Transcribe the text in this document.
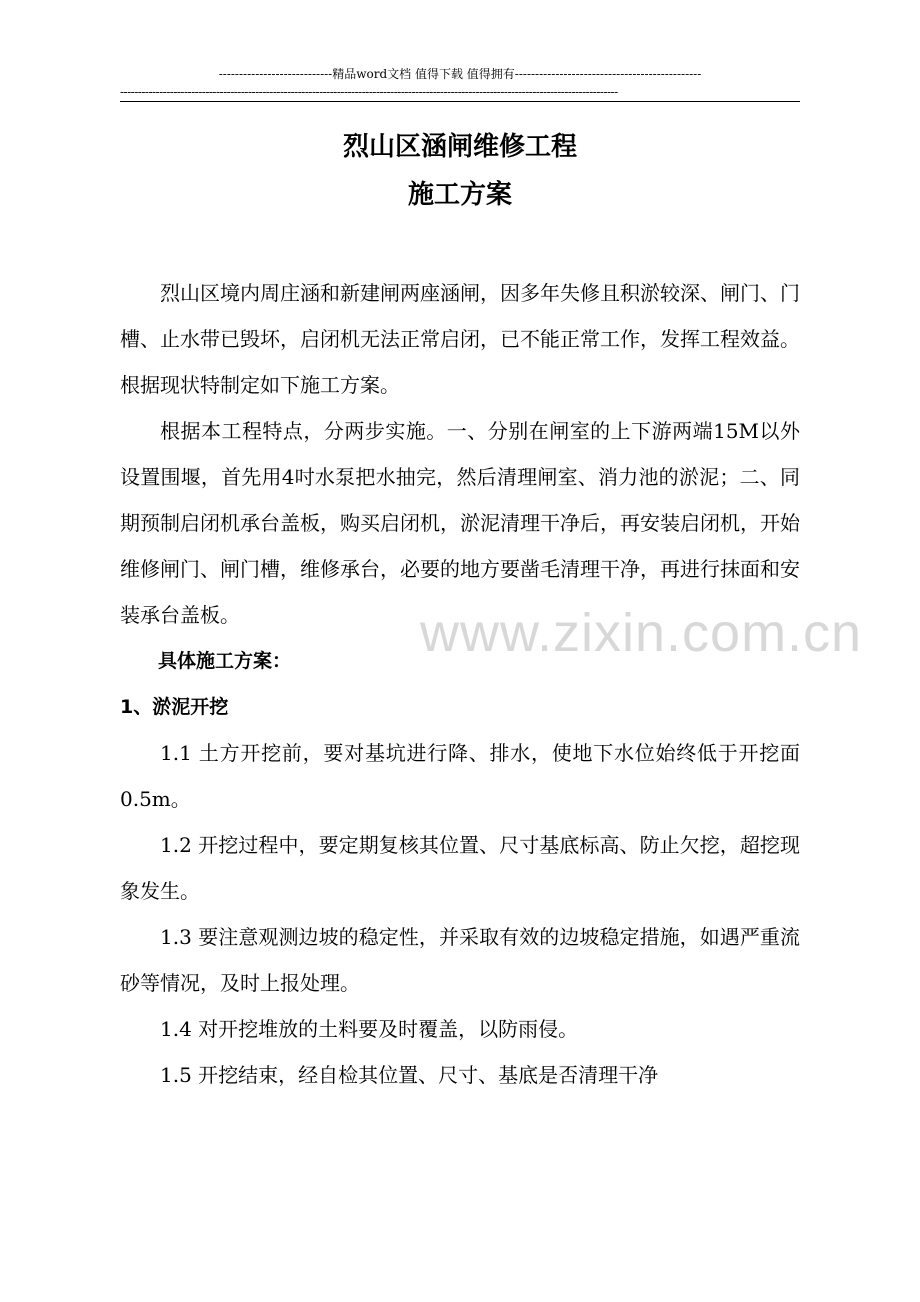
----------------------------精品word文档 值得下载 值得拥有----------------------------------------------
--------------------------------------------------------------------------------------------------------------------------------------------
烈山区涵闸维修工程
施工方案
www.zixin.com.cn

烈山区境内周庄涵和新建闸两座涵闸，因多年失修且积淤较深、闸门、门槽、止水带已毁坏，启闭机无法正常启闭，已不能正常工作，发挥工程效益。根据现状特制定如下施工方案。

根据本工程特点，分两步实施。一、分别在闸室的上下游两端15M以外设置围堰，首先用4吋水泵把水抽完，然后清理闸室、消力池的淤泥；二、同期预制启闭机承台盖板，购买启闭机，淤泥清理干净后，再安装启闭机，开始维修闸门、闸门槽，维修承台，必要的地方要凿毛清理干净，再进行抹面和安装承台盖板。

具体施工方案：

1、淤泥开挖

1.1 土方开挖前，要对基坑进行降、排水，使地下水位始终低于开挖面0.5m。

1.2 开挖过程中，要定期复核其位置、尺寸基底标高、防止欠挖，超挖现象发生。

1.3 要注意观测边坡的稳定性，并采取有效的边坡稳定措施，如遇严重流砂等情况，及时上报处理。

1.4 对开挖堆放的土料要及时覆盖，以防雨侵。

1.5 开挖结束，经自检其位置、尺寸、基底是否清理干净
